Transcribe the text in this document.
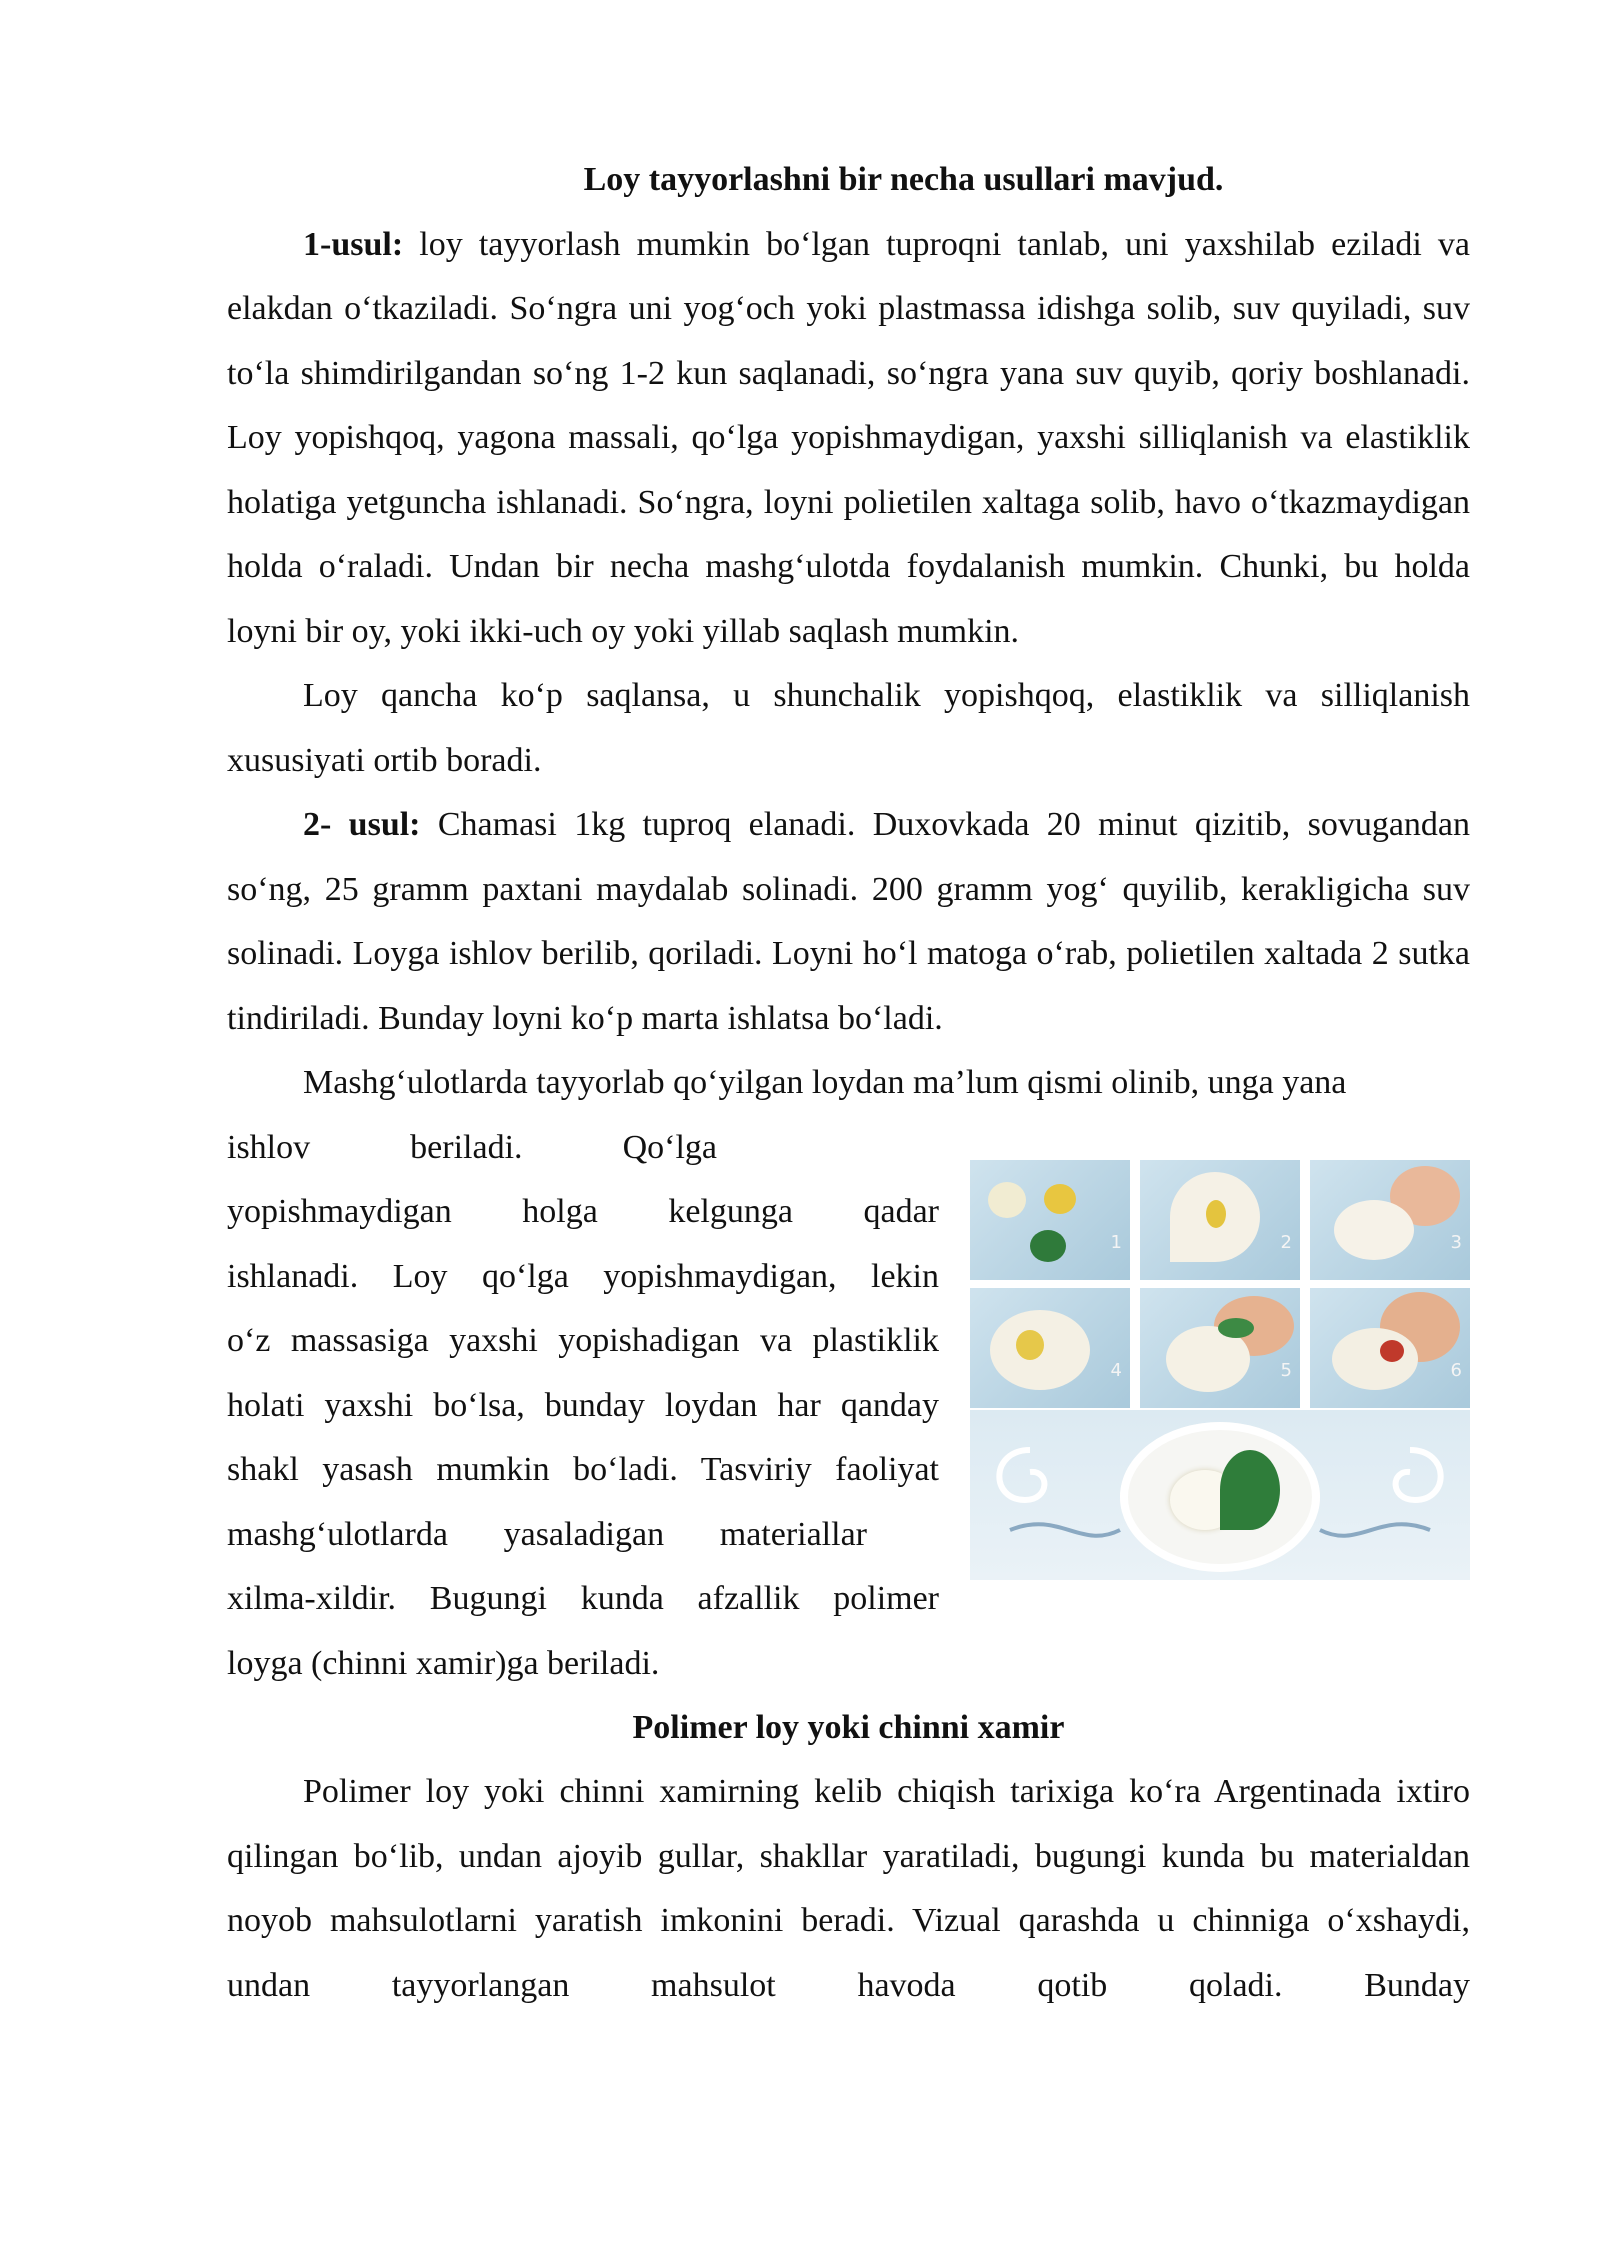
Loy tayyorlashni bir necha usullari mavjud.

1-usul: loy tayyorlash mumkin bo‘lgan tuproqni tanlab, uni yaxshilab eziladi va elakdan o‘tkaziladi. So‘ngra uni yog‘och yoki plastmassa idishga solib, suv quyiladi, suv to‘la shimdirilgandan so‘ng 1-2 kun saqlanadi, so‘ngra yana suv quyib, qoriy boshlanadi. Loy yopishqoq, yagona massali, qo‘lga yopishmaydigan, yaxshi silliqlanish va elastiklik holatiga yetguncha ishlanadi. So‘ngra, loyni polietilen xaltaga solib, havo o‘tkazmaydigan holda o‘raladi. Undan bir necha mashg‘ulotda foydalanish mumkin. Chunki, bu holda loyni bir oy, yoki ikki-uch oy yoki yillab saqlash mumkin.

Loy qancha ko‘p saqlansa, u shunchalik yopishqoq, elastiklik va silliqlanish xususiyati ortib boradi.

2- usul: Chamasi 1kg tuproq elanadi. Duxovkada 20 minut qizitib, sovugandan so‘ng, 25 gramm paxtani maydalab solinadi. 200 gramm yog‘ quyilib, kerakligicha suv solinadi. Loyga ishlov berilib, qoriladi. Loyni ho‘l matoga o‘rab, polietilen xaltada 2 sutka tindiriladi. Bunday loyni ko‘p marta ishlatsa bo‘ladi.

Mashg‘ulotlarda tayyorlab qo‘yilgan loydan ma’lum qismi olinib, unga yana

ishlov beriladi. Qo‘lga
yopishmaydigan holga kelgunga qadar
ishlanadi. Loy qo‘lga yopishmaydigan, lekin
o‘z massasiga yaxshi yopishadigan va plastiklik
holati yaxshi bo‘lsa, bunday loydan har qanday
shakl yasash mumkin bo‘ladi. Tasviriy faoliyat
mashg‘ulotlarda yasaladigan materiallar
xilma-xildir. Bugungi kunda afzallik polimer
loyga (chinni xamir)ga beriladi.
1	2	3
4	5	6
Polimer loy yoki chinni xamir

Polimer loy yoki chinni xamirning kelib chiqish tarixiga ko‘ra Argentinada ixtiro qilingan bo‘lib, undan ajoyib gullar, shakllar yaratiladi, bugungi kunda bu materialdan noyob mahsulotlarni yaratish imkonini beradi. Vizual qarashda u chinniga o‘xshaydi, undan tayyorlangan mahsulot havoda qotib qoladi. Bunday
